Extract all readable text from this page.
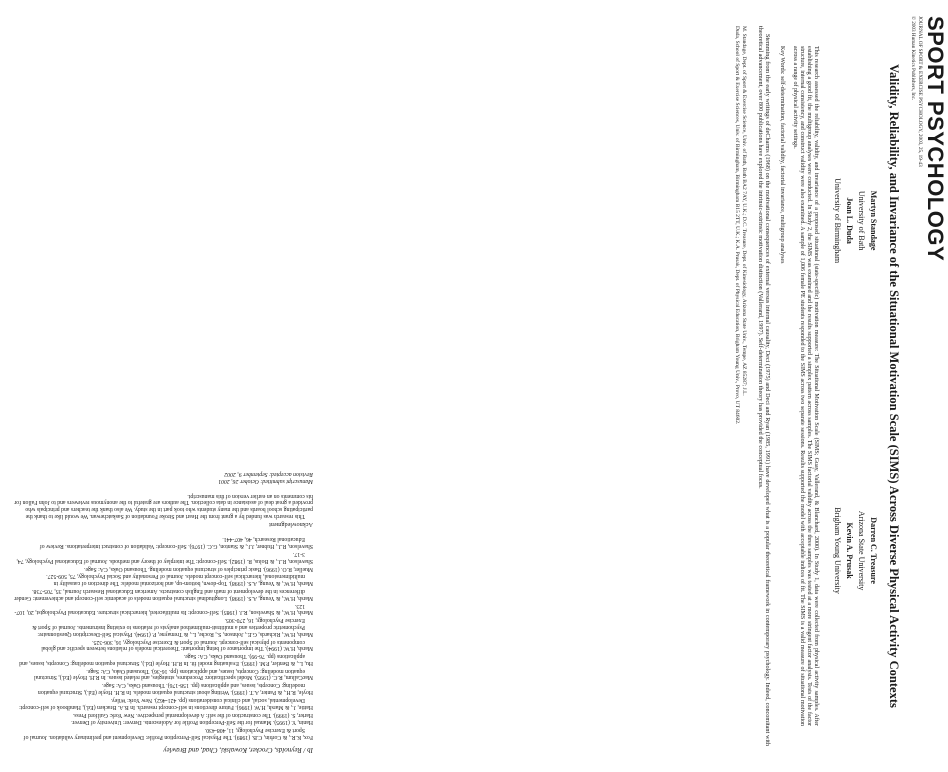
Ib / Reynolds, Crocker, Kowalski, Chad, and Brawley

Fox, K.R., & Corbin, C.B. (1989). The Physical Self-Perception Profile: Development and preliminary validation. Journal of Sport & Exercise Psychology, 11, 408-430.

Hanin, Y. (1995). Manual for the Self-Perception Profile for Adolescents. Denver: University of Denver.

Harter, S. (1999). The construction of the self: A developmental perspective. New York: Guilford Press.

Hattie, J., & Marsh, H.W. (1996). Future directions in self-concept research. In B.A. Bracken (Ed.), Handbook of self-concept: Developmental, social, and clinical considerations (pp. 421-462). New York: Wiley.

Hoyle, R.H., & Panter, A.T. (1995). Writing about structural equation models. In R.H. Hoyle (Ed.), Structural equation modeling: Concepts, issues, and applications (pp. 158-176). Thousand Oaks, CA: Sage.

MacCallum, R.C. (1995). Model specification: Procedures, strategies, and related issues. In R.H. Hoyle (Ed.), Structural equation modeling: Concepts, issues, and applications (pp. 16-36). Thousand Oaks, CA: Sage.

Hu, L., & Bentler, P.M. (1995). Evaluating model fit. In R.H. Hoyle (Ed.), Structural equation modeling: Concepts, issues, and applications (pp. 76-99). Thousand Oaks, CA: Sage.

Marsh, H.W. (1994). The importance of being important: Theoretical models of relations between specific and global components of physical self-concept. Journal of Sport & Exercise Psychology, 16, 306-325.

Marsh, H.W., Richards, G.E., Johnson, S., Roche, L., & Tremayne, P. (1994). Physical Self-Description Questionnaire: Psychometric properties and a multitrait-multimethod analysis of relations to existing instruments. Journal of Sport & Exercise Psychology, 16, 270-305.

Marsh, H.W., & Shavelson, R.J. (1985). Self-concept: Its multifaceted, hierarchical structure. Educational Psychologist, 20, 107-123.

Marsh, H.W., & Yeung, A.S. (1998). Longitudinal structural equation models of academic self-concept and achievement: Gender differences in the development of math and English constructs. American Educational Research Journal, 35, 705-738.

Marsh, H.W., & Yeung, A.S. (1998). Top-down, bottom-up, and horizontal models: The direction of causality in multidimensional, hierarchical self-concept models. Journal of Personality and Social Psychology, 75, 509-527.

Mueller, R.O. (1996). Basic principles of structural equation modeling. Thousand Oaks, CA: Sage.

Shavelson, R.J., & Bolus, R. (1982). Self-concept: The interplay of theory and methods. Journal of Educational Psychology, 74, 3-17.

Shavelson, R.J., Hubner, J.J., & Stanton, G.C. (1976). Self-concept: Validation of construct interpretations. Review of Educational Research, 46, 407-441.

Acknowledgment

This research was funded by a grant from the Heart and Stroke Foundation of Saskatchewan. We would like to thank the participating school boards and the many students who took part in the study. We also thank the teachers and principals who provided a great deal of assistance in data collection. The authors are grateful to the anonymous reviewers and to John Fallon for his comments on an earlier version of this manuscript.

Manuscript submitted: October 26, 2001
Revision accepted: September 9, 2002
SPORT PSYCHOLOGY

JOURNAL OF SPORT & EXERCISE PSYCHOLOGY, 2003, 25, 19-43

© 2003 Human Kinetics Publishers, Inc.

Validity, Reliability, and Invariance of the Situational Motivation Scale (SIMS) Across Diverse Physical Activity Contexts
Martyn Standage
University of Bath
Joan L. Duda
University of Birmingham
Darren C. Treasure
Arizona State University
Kevin A. Prusak
Brigham Young University

This research assessed the reliability, validity, and invariance of a proposed situational (state-specific) motivation measure: The Situational Motivation Scale (SIMS; Guay, Vallerand, & Blanchard, 2000). In Study 1, data were collected from physical activity samples. After establishing a good fit, the multigroup analyses were conducted. In Study 2, the SIMS was examined and the results supported a simplex pattern across samples. The SIMS factorial validity across the three samples was tested at a more stringent factor analysis. Tests of the factor structure, internal consistency, and construct validity were also examined. A sample of 1,006 female PE students responded to the SIMS across two separate sessions. Results supported the model with acceptable indices of fit. The SIMS is a valid measure of situational motivation across a range of physical activity settings.

Key Words: self-determination, factorial validity, factorial invariance, multigroup analyses

Stemming from the early writings of deCharms (1968) on the motivational consequences of external versus internal causality, Deci (1975) and Deci and Ryan (1985, 1991) have developed what is a popular theoretical framework in contemporary psychology. Indeed, concomitant with theoretical advancement, over 800 publications have explored the intrinsic-extrinsic motivation distinction (Vallerand, 1997). Self-determination theory has provided the conceptual focus.

M. Standage, Dept. of Sport & Exercise Science, Univ. of Bath, Bath BA2 7AY, U.K.; D.C. Treasure, Dept. of Kinesiology, Arizona State Univ., Tempe, AZ 85287; J.L.

Duda, School of Sport & Exercise Sciences, Univ. of Birmingham, Birmingham B15 2TT, U.K.; K.A. Prusak, Dept. of Physical Education, Brigham Young Univ., Provo, UT 84602.
